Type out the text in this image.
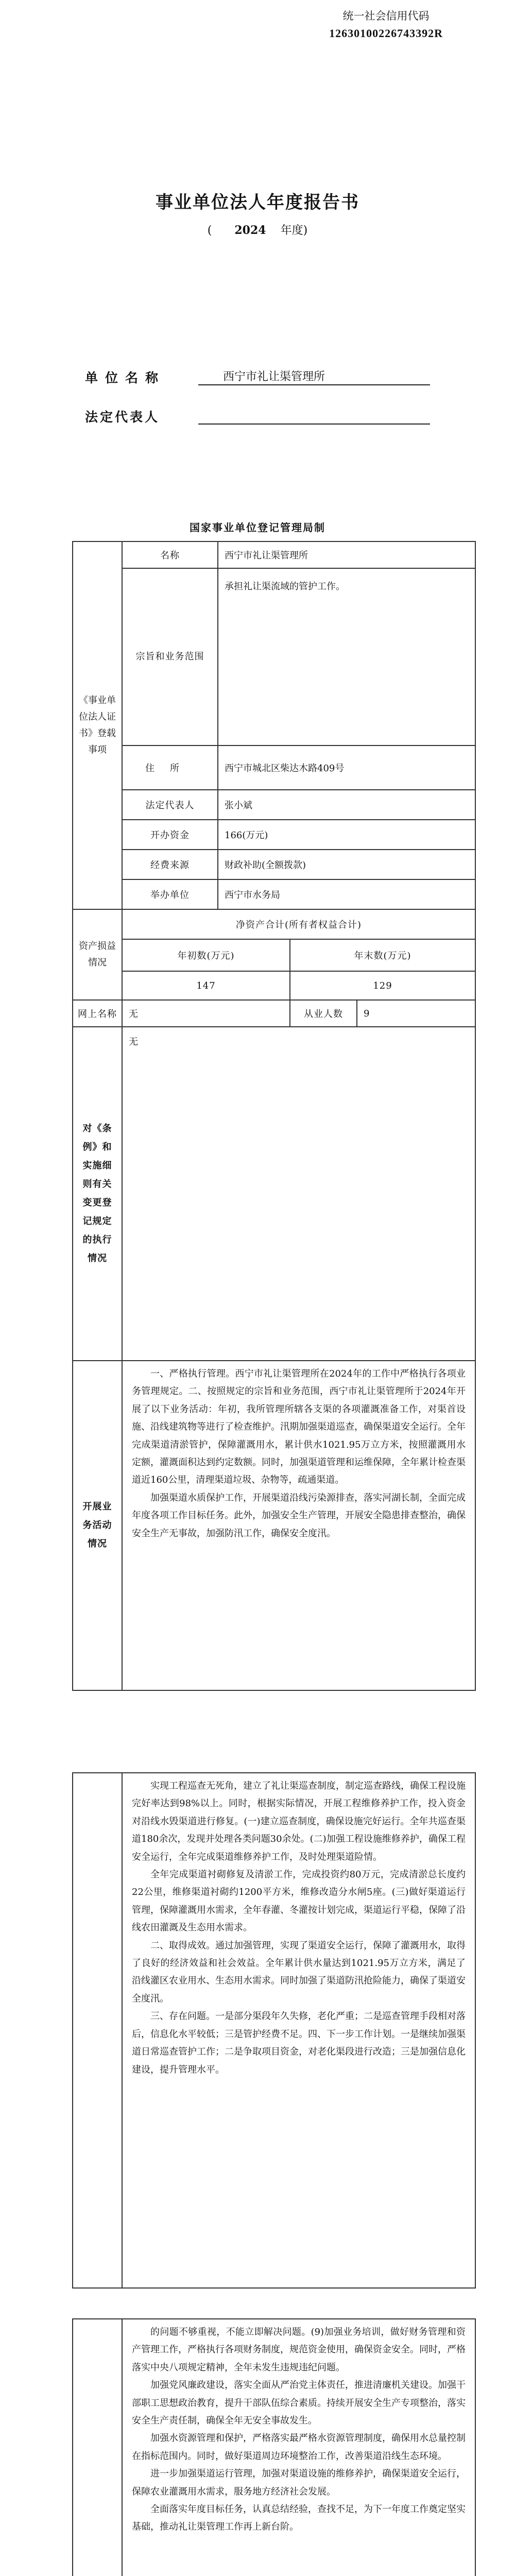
统一社会信用代码
12630100226743392R
事业单位法人年度报告书
( 2024 年度)
单位名称	西宁市礼让渠管理所
法定代表人
国家事业单位登记管理局制
《事业单位法人证书》登载事项	名称	西宁市礼让渠管理所		
	宗旨和业务范围	承担礼让渠流域的管护工作。		
	住所	西宁市城北区柴达木路409号		
	法定代表人	张小斌		
	开办资金	166(万元)		
	经费来源	财政补助(全额拨款)		
	举办单位	西宁市水务局		
资产损益情况	净资产合计(所有者权益合计)			
	年初数(万元)		年末数(万元)	
	147		129	
网上名称	无		从业人数	9
对《条例》和实施细则有关变更登记规定的执行情况	无			
开展业务活动情况	一、严格执行管理。西宁市礼让渠管理所在2024年的工作中严格执行各项业务管理规定。二、按照规定的宗旨和业务范围，西宁市礼让渠管理所于2024年开展了以下业务活动：年初，我所管理所辖各支渠的各项灌溉准备工作，对渠首设施、沿线建筑物等进行了检查维护。汛期加强渠道巡查，确保渠道安全运行。全年完成渠道清淤管护，保障灌溉用水，累计供水1021.95万立方米，按照灌溉用水定额，灌溉面积达到约定数额。同时，加强渠道管理和运维保障，全年累计检查渠道近160公里，清理渠道垃圾、杂物等，疏通渠道。

加强渠道水质保护工作，开展渠道沿线污染源排查，落实河湖长制，全面完成年度各项工作目标任务。此外，加强安全生产管理，开展安全隐患排查整治，确保安全生产无事故，加强防汛工作，确保安全度汛。			

实现工程巡查无死角，建立了礼让渠巡查制度，制定巡查路线，确保工程设施完好率达到98%以上。同时，根据实际情况，开展工程维修养护工作，投入资金对沿线水毁渠道进行修复。(一)建立巡查制度，确保设施完好运行。全年共巡查渠道180余次，发现并处理各类问题30余处。(二)加强工程设施维修养护，确保工程安全运行，全年完成渠道维修养护工作，及时处理渠道险情。

全年完成渠道衬砌修复及清淤工作，完成投资约80万元，完成清淤总长度约22公里，维修渠道衬砌约1200平方米，维修改造分水闸5座。(三)做好渠道运行管理，保障灌溉用水需求，全年春灌、冬灌按计划完成，渠道运行平稳，保障了沿线农田灌溉及生态用水需求。

二、取得成效。通过加强管理，实现了渠道安全运行，保障了灌溉用水，取得了良好的经济效益和社会效益。全年累计供水量达到1021.95万立方米，满足了沿线灌区农业用水、生态用水需求。同时加强了渠道防汛抢险能力，确保了渠道安全度汛。

三、存在问题。一是部分渠段年久失修，老化严重；二是巡查管理手段相对落后，信息化水平较低；三是管护经费不足。四、下一步工作计划。一是继续加强渠道日常巡查管护工作；二是争取项目资金，对老化渠段进行改造；三是加强信息化建设，提升管理水平。

的问题不够重视，不能立即解决问题。(9)加强业务培训，做好财务管理和资产管理工作，严格执行各项财务制度，规范资金使用，确保资金安全。同时，严格落实中央八项规定精神，全年未发生违规违纪问题。

加强党风廉政建设，落实全面从严治党主体责任，推进清廉机关建设。加强干部职工思想政治教育，提升干部队伍综合素质。持续开展安全生产专项整治，落实安全生产责任制，确保全年无安全事故发生。

加强水资源管理和保护，严格落实最严格水资源管理制度，确保用水总量控制在指标范围内。同时，做好渠道周边环境整治工作，改善渠道沿线生态环境。

进一步加强渠道运行管理，加强对渠道设施的维修养护，确保渠道安全运行，保障农业灌溉用水需求，服务地方经济社会发展。

全面落实年度目标任务，认真总结经验，查找不足，为下一年度工作奠定坚实基础，推动礼让渠管理工作再上新台阶。
